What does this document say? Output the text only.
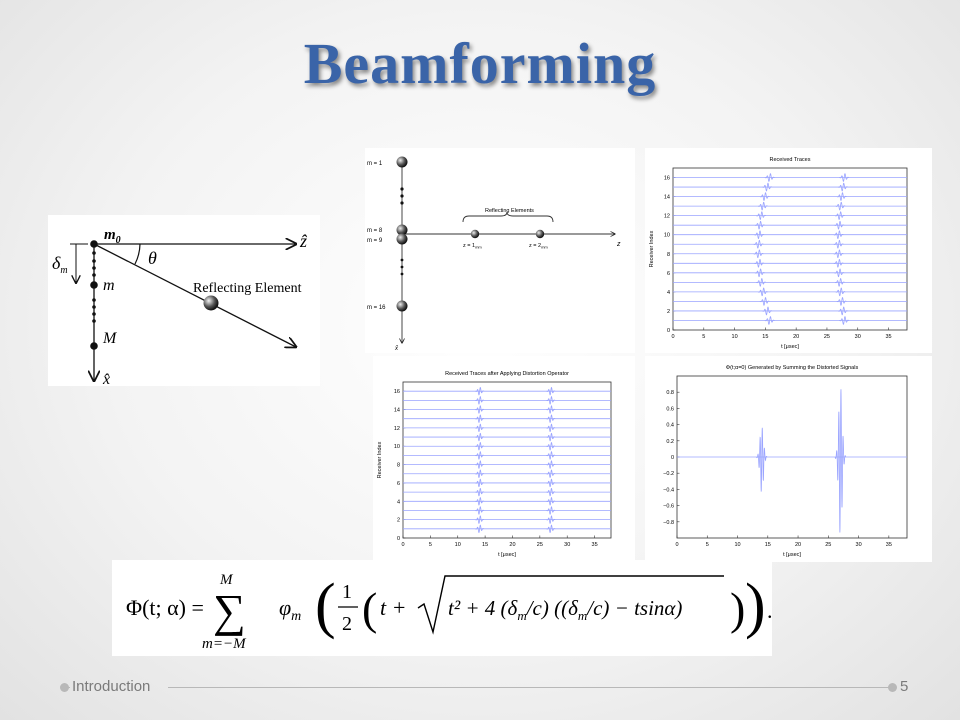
Beamforming
$m_0$
θ
ẑ
$\delta_m$
m
M
x̂
Reflecting Element
m = 1
m = 8
m = 9
m = 16
Reflecting Elements
$z = 1_{mm}$	$z = 2_{mm}$	z
x̂
Received Traces
t [μsec]
Receiver Index
0	5	10	15	20	25	30	35
0
2
4
6
8
10
12
14
16
Received Traces after Applying Distortion Operator
t [μsec]
Receiver Index
0	5	10	15	20	25	30	35
0
2
4
6
8
10
12
14
16
Φ(t;α=0) Generated by Summing the Distorted Signals
t [μsec]
0	5	10	15	20	25	30	35
−0.8
−0.6
−0.4
−0.2
0
0.2
0.4
0.6
0.8
Φ(t; α) =
M
∑
m=−M
$\varphi_m$ ( 1
2 ( t + t² + 4 $(\delta_m/c) ((\delta_m/c) - tsin\alpha)$ ) ) .
Introduction	5
